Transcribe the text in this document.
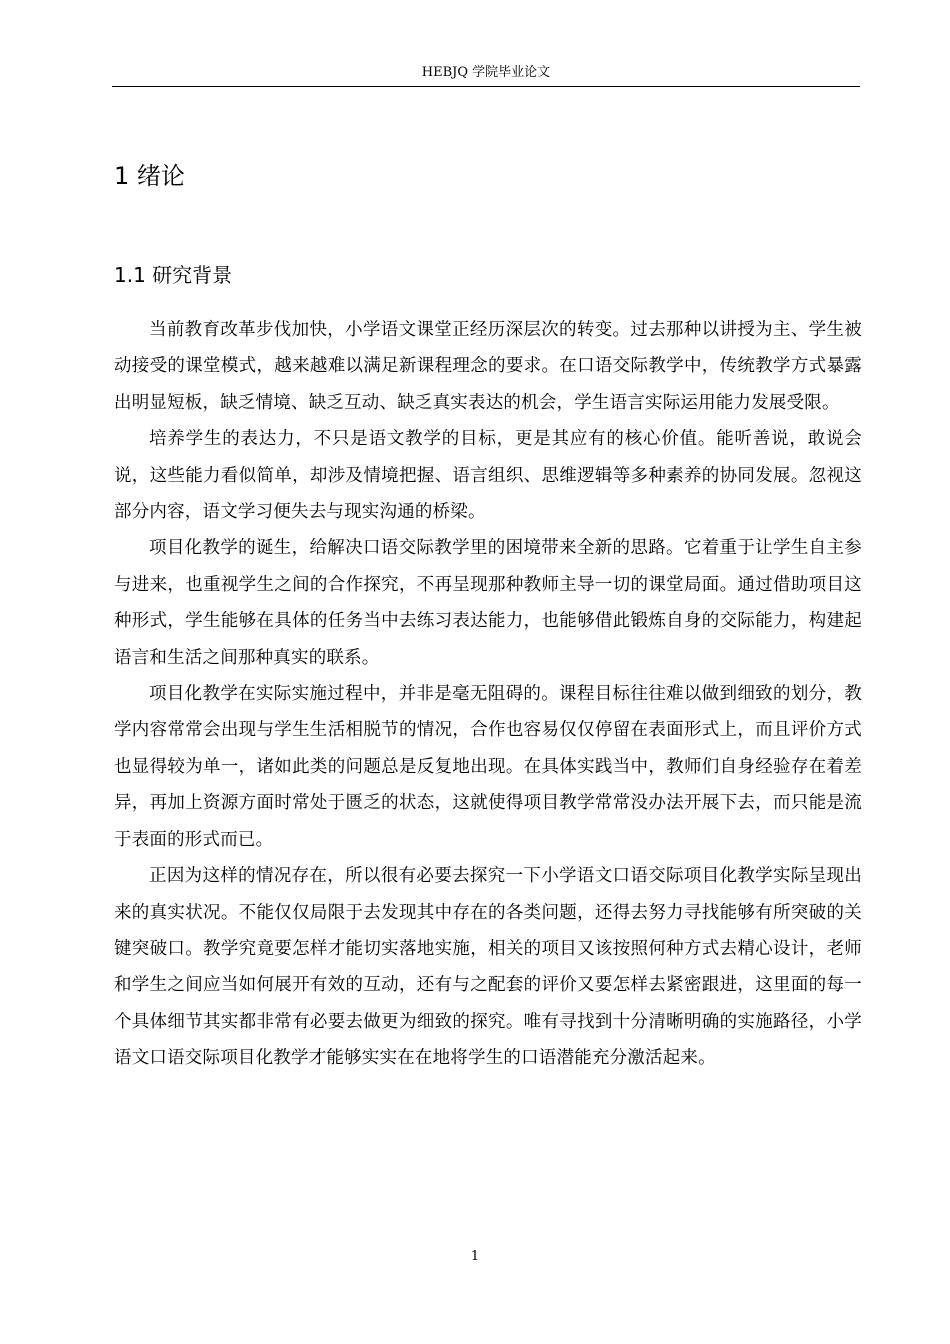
HEBJQ 学院毕业论文
1 绪论
1.1 研究背景

当前教育改革步伐加快，小学语文课堂正经历深层次的转变。过去那种以讲授为主、学生被动接受的课堂模式，越来越难以满足新课程理念的要求。在口语交际教学中，传统教学方式暴露出明显短板，缺乏情境、缺乏互动、缺乏真实表达的机会，学生语言实际运用能力发展受限。

培养学生的表达力，不只是语文教学的目标，更是其应有的核心价值。能听善说，敢说会说，这些能力看似简单，却涉及情境把握、语言组织、思维逻辑等多种素养的协同发展。忽视这部分内容，语文学习便失去与现实沟通的桥梁。

项目化教学的诞生，给解决口语交际教学里的困境带来全新的思路。它着重于让学生自主参与进来，也重视学生之间的合作探究，不再呈现那种教师主导一切的课堂局面。通过借助项目这种形式，学生能够在具体的任务当中去练习表达能力，也能够借此锻炼自身的交际能力，构建起语言和生活之间那种真实的联系。

项目化教学在实际实施过程中，并非是毫无阻碍的。课程目标往往难以做到细致的划分，教学内容常常会出现与学生生活相脱节的情况，合作也容易仅仅停留在表面形式上，而且评价方式也显得较为单一，诸如此类的问题总是反复地出现。在具体实践当中，教师们自身经验存在着差异，再加上资源方面时常处于匮乏的状态，这就使得项目教学常常没办法开展下去，而只能是流于表面的形式而已。

正因为这样的情况存在，所以很有必要去探究一下小学语文口语交际项目化教学实际呈现出来的真实状况。不能仅仅局限于去发现其中存在的各类问题，还得去努力寻找能够有所突破的关键突破口。教学究竟要怎样才能切实落地实施，相关的项目又该按照何种方式去精心设计，老师和学生之间应当如何展开有效的互动，还有与之配套的评价又要怎样去紧密跟进，这里面的每一个具体细节其实都非常有必要去做更为细致的探究。唯有寻找到十分清晰明确的实施路径，小学语文口语交际项目化教学才能够实实在在地将学生的口语潜能充分激活起来。

1
